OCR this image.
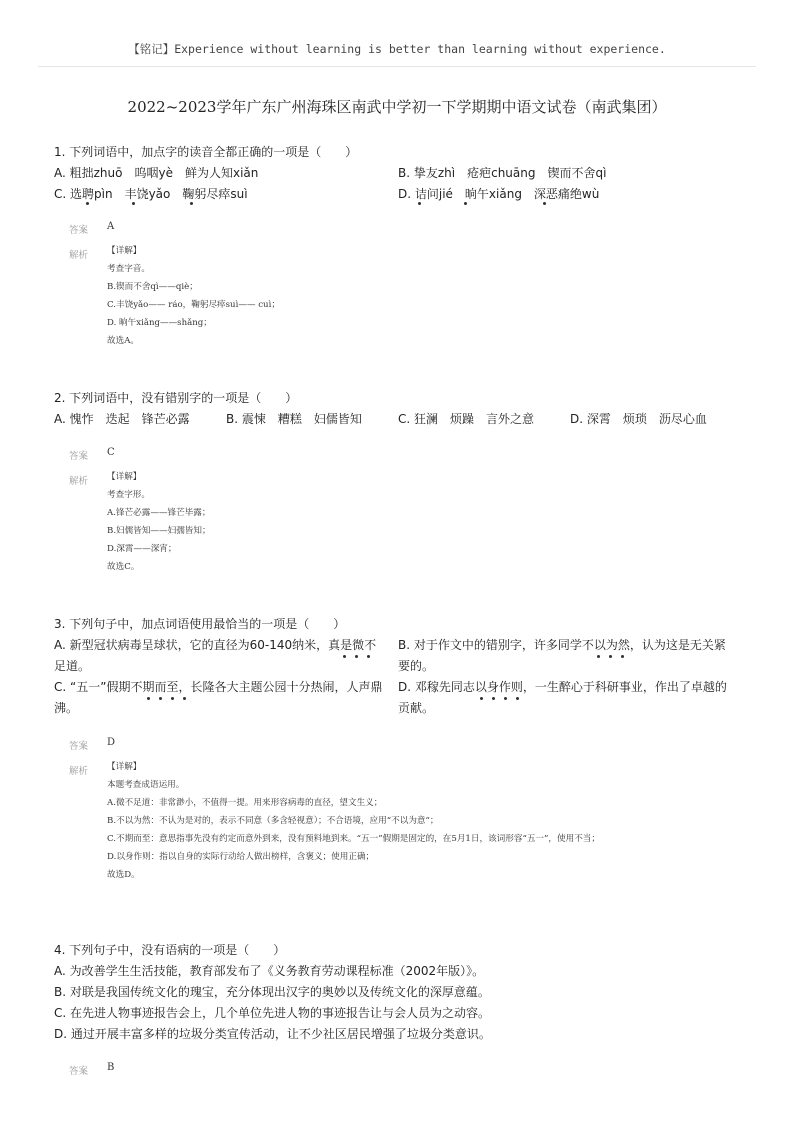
【铭记】Experience without learning is better than learning without experience.
2022~2023学年广东广州海珠区南武中学初一下学期期中语文试卷（南武集团）
1. 下列词语中，加点字的读音全都正确的一项是（　　）
A. 粗拙zhuō　呜咽yè　鲜为人知xiǎn	B. 挚友zhì　疮疤chuāng　锲而不舍qì
C. 选聘pìn　丰饶yǎo　鞠躬尽瘁suì	D. 诘问jié　晌午xiǎng　深恶痛绝wù
答案 A
解析 【详解】
考查字音。
B.锲而不舍qì——qiè；
C.丰饶yǎo—— ráo，鞠躬尽瘁suì—— cuì；
D. 晌午xiǎng——shǎng；
故选A。
2. 下列词语中，没有错别字的一项是（　　）
A. 愧怍　迭起　锋芒必露	B. 震悚　糟糕　妇儒皆知	C. 狂澜　烦躁　言外之意	D. 深霄　烦琐　沥尽心血
答案 C
解析 【详解】
考查字形。
A.锋芒必露——锋芒毕露；
B.妇儒皆知——妇孺皆知；
D.深霄——深宵；
故选C。
3. 下列句子中，加点词语使用最恰当的一项是（　　）
A. 新型冠状病毒呈球状，它的直径为60-140纳米，真是微不足道。
B. 对于作文中的错别字，许多同学不以为然，认为这是无关紧要的。
C. “五一”假期不期而至，长隆各大主题公园十分热闹，人声鼎沸。
D. 邓稼先同志以身作则，一生醉心于科研事业，作出了卓越的贡献。
答案 D
解析 【详解】
本题考查成语运用。
A.微不足道：非常渺小，不值得一提。用来形容病毒的直径，望文生义；
B.不以为然：不认为是对的，表示不同意（多含轻视意）；不合语境，应用“不以为意”；
C.不期而至：意思指事先没有约定而意外到来，没有预料地到来。“五一”假期是固定的，在5月1日，该词形容“五一”，使用不当；
D.以身作则：指以自身的实际行动给人做出榜样，含褒义；使用正确；
故选D。
4. 下列句子中，没有语病的一项是（　　）
A. 为改善学生生活技能，教育部发布了《义务教育劳动课程标准（2002年版）》。
B. 对联是我国传统文化的瑰宝，充分体现出汉字的奥妙以及传统文化的深厚意蕴。
C. 在先进人物事迹报告会上，几个单位先进人物的事迹报告让与会人员为之动容。
D. 通过开展丰富多样的垃圾分类宣传活动，让不少社区居民增强了垃圾分类意识。
答案 B
